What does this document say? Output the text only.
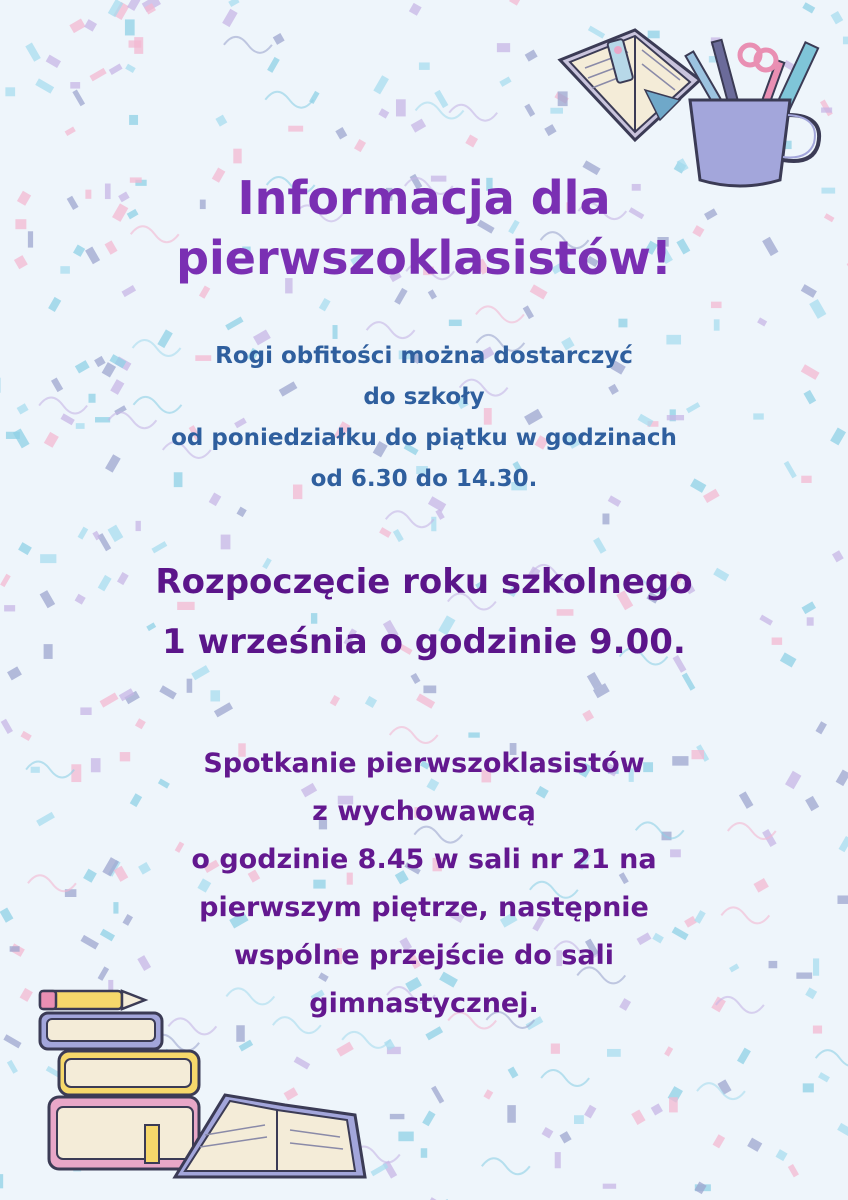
Informacja dla
pierwszoklasistów!
Rogi obfitości można dostarczyć
do szkoły
od poniedziałku do piątku w godzinach
od 6.30 do 14.30.
Rozpoczęcie roku szkolnego
1 września o godzinie 9.00.
Spotkanie pierwszoklasistów
z wychowawcą
o godzinie 8.45 w sali nr 21 na
pierwszym piętrze, następnie
wspólne przejście do sali
gimnastycznej.
